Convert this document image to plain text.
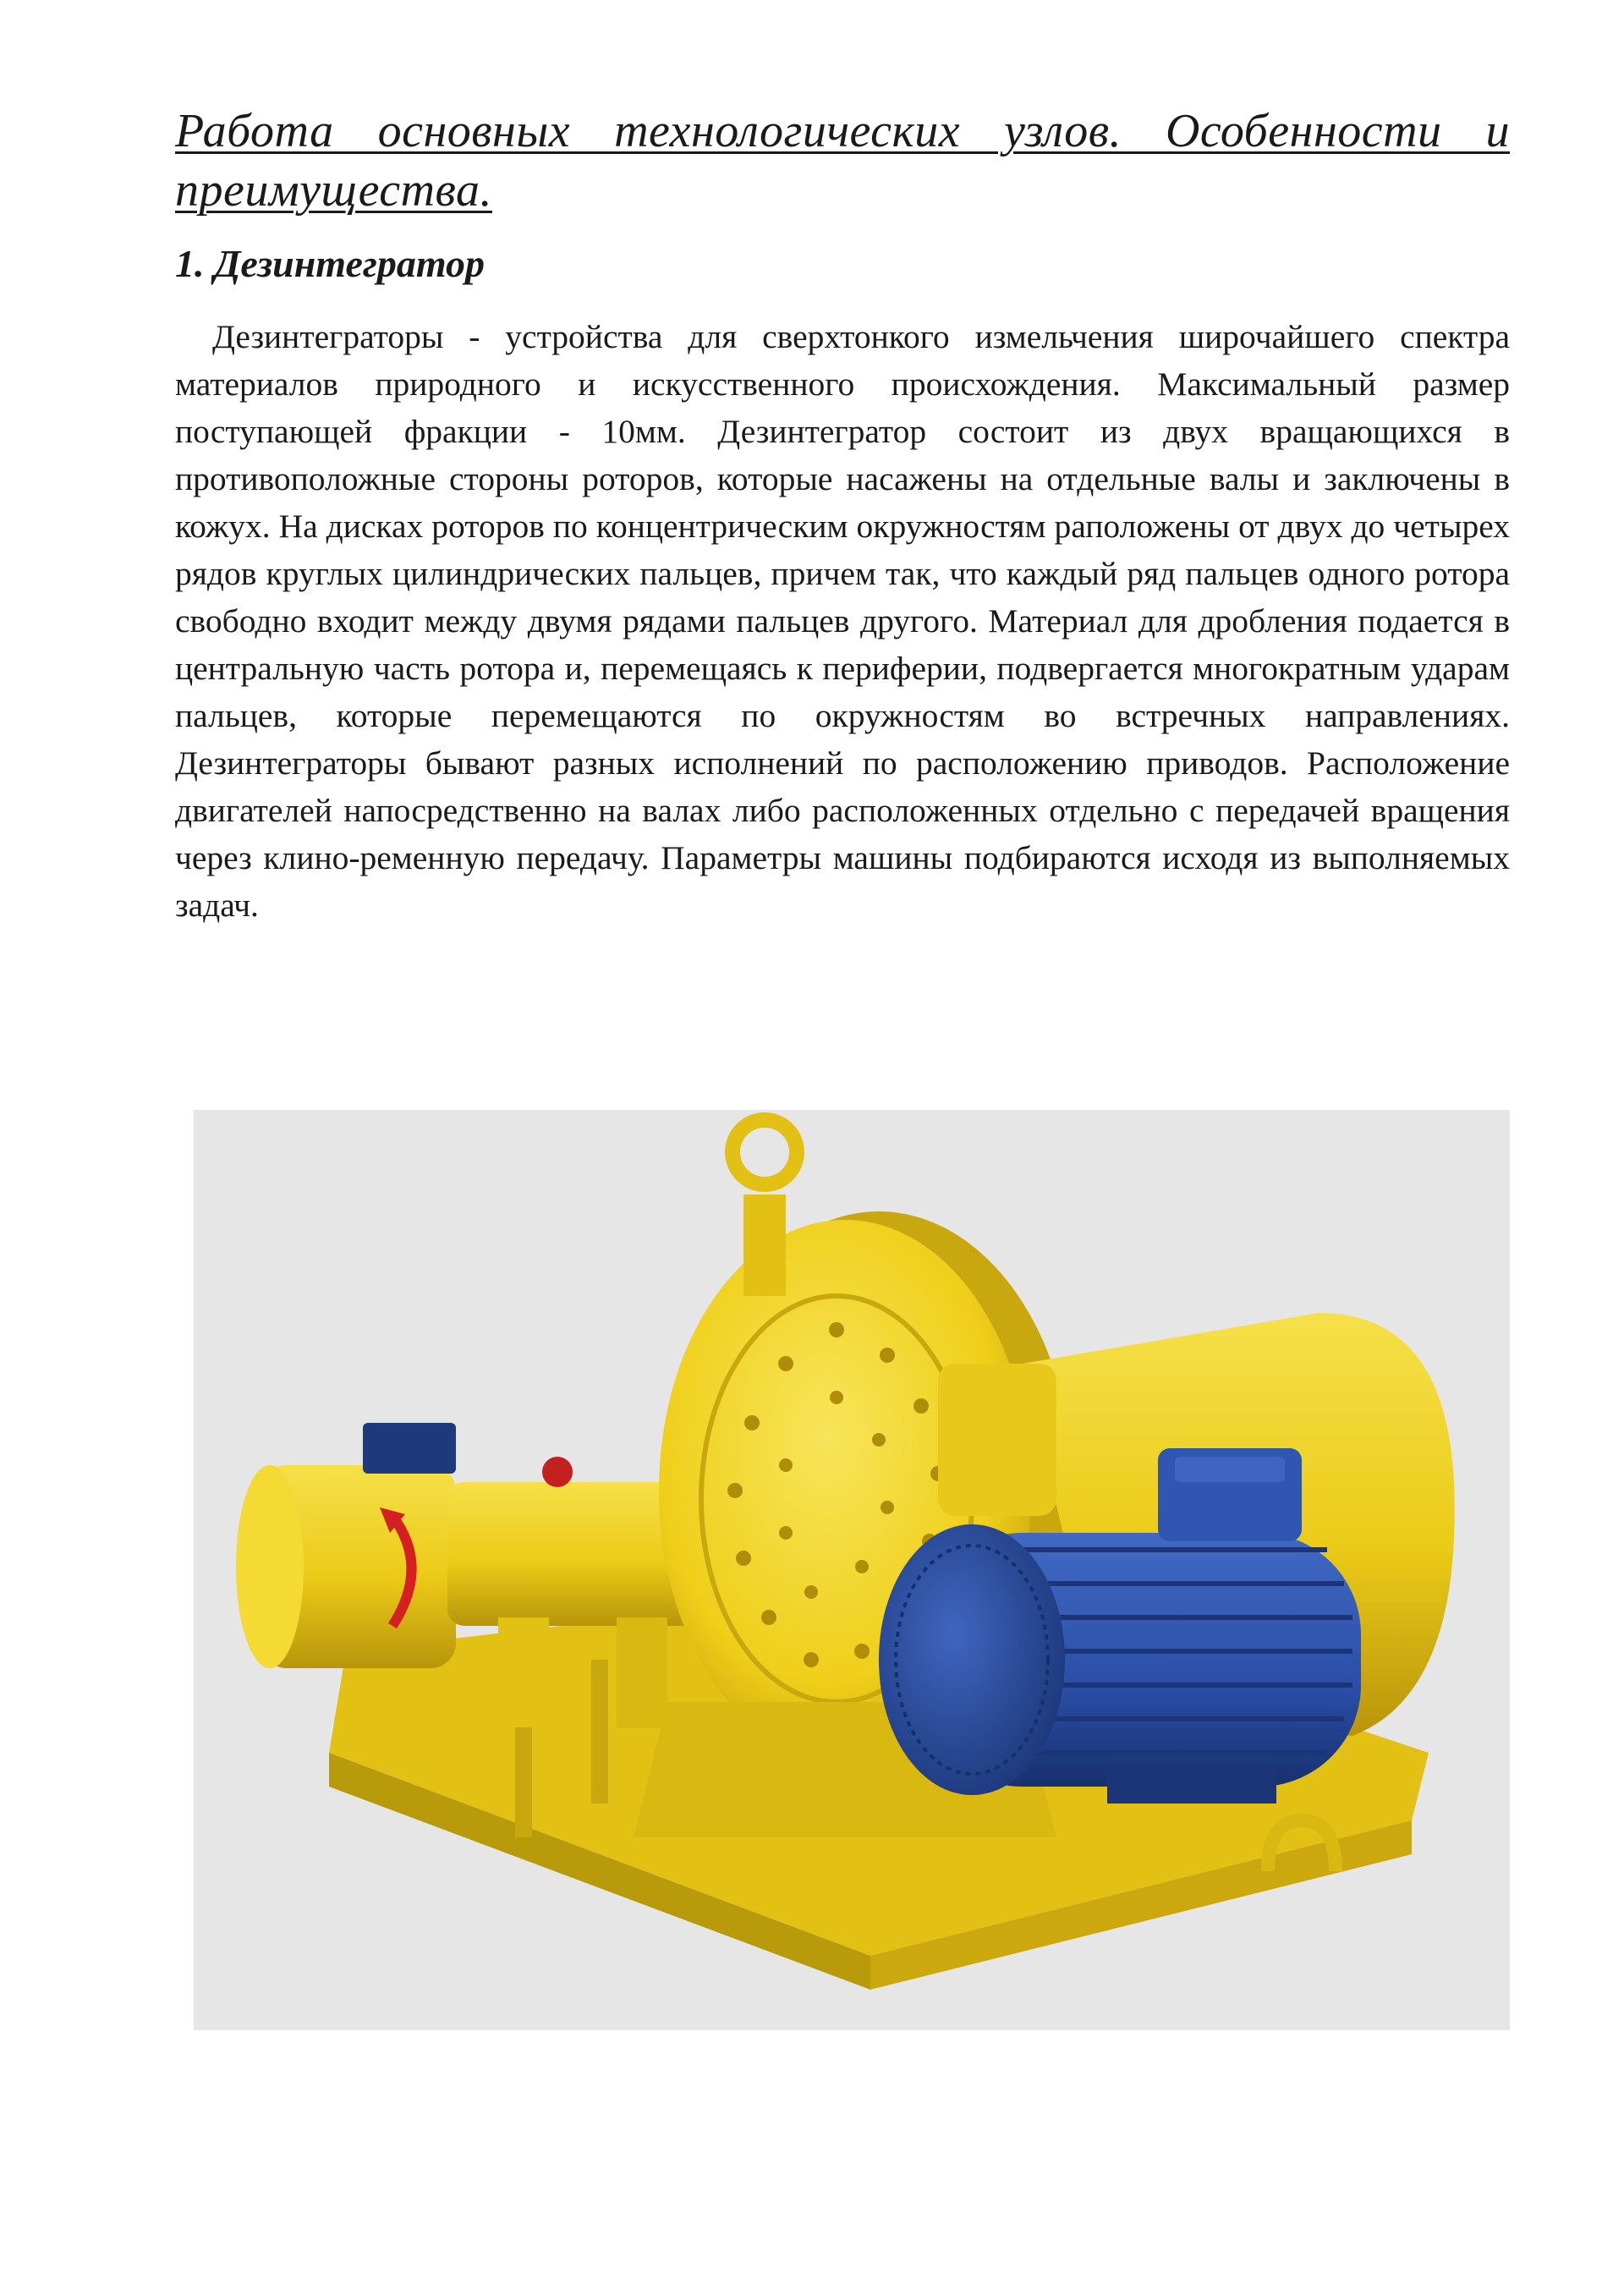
Работа основных технологических узлов. Особенности и преимущества.
1. Дезинтегратор

Дезинтеграторы - устройства для сверхтонкого измельчения широчайшего спектра материалов природного и искусственного происхождения. Максимальный размер поступающей фракции - 10мм. Дезинтегратор состоит из двух вращающихся в противоположные стороны роторов, которые насажены на отдельные валы и заключены в кожух. На дисках роторов по концентрическим окружностям раположены от двух до четырех рядов круглых цилиндрических пальцев, причем так, что каждый ряд пальцев одного ротора свободно входит между двумя рядами пальцев другого. Материал для дробления подается в центральную часть ротора и, перемещаясь к периферии, подвергается многократным ударам пальцев, которые перемещаются по окружностям во встречных направлениях. Дезинтеграторы бывают разных исполнений по расположению приводов. Расположение двигателей напосредственно на валах либо расположенных отдельно с передачей вращения через клино-ременную передачу. Параметры машины подбираются исходя из выполняемых задач.
